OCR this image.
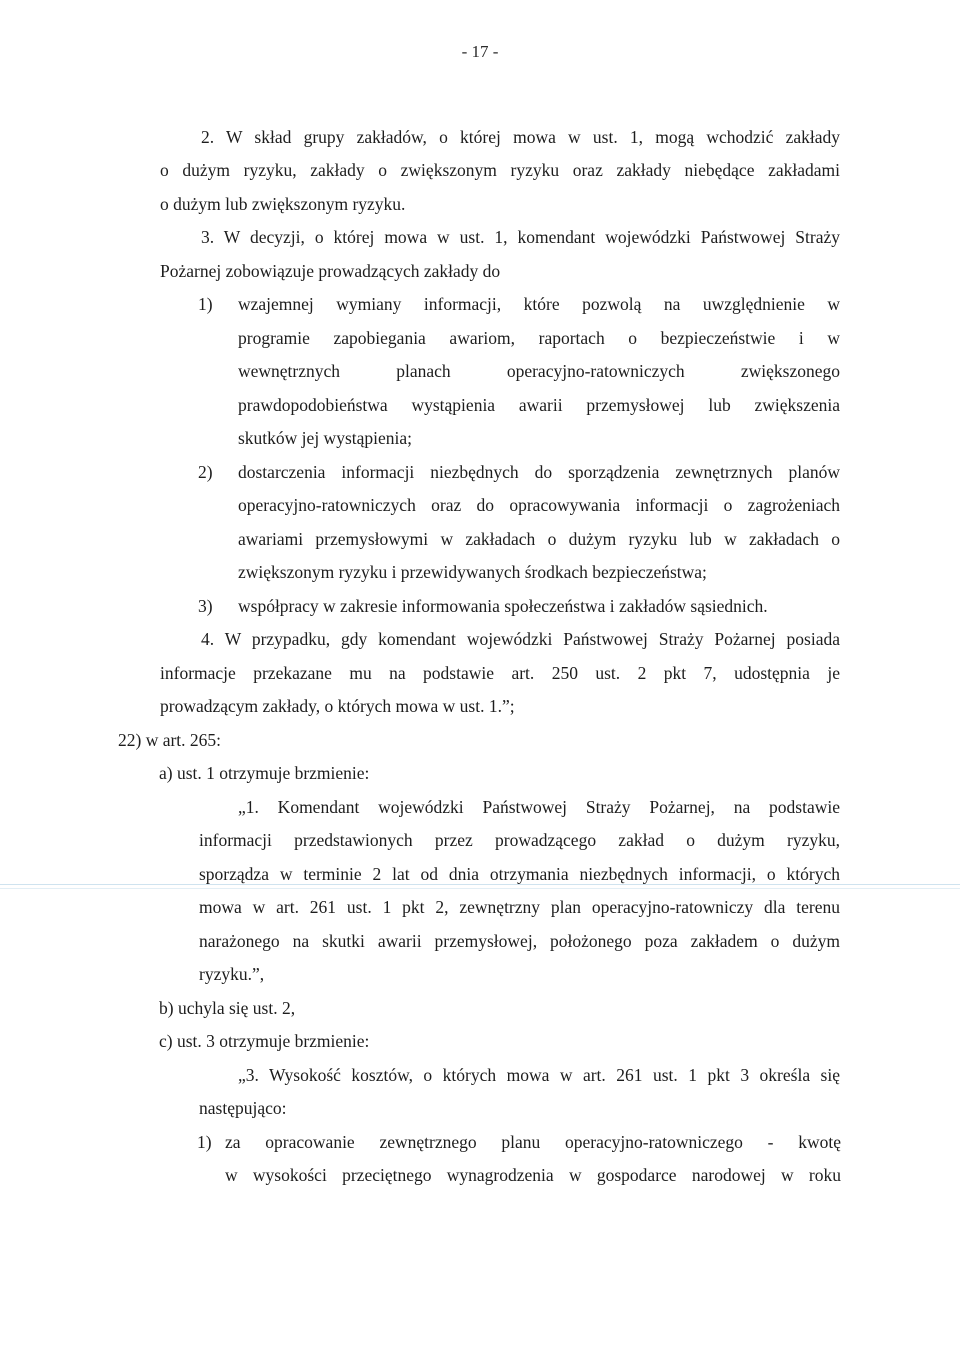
- 17 -
2. W skład grupy zakładów, o której mowa w ust. 1, mogą wchodzić zakłady
o dużym ryzyku, zakłady o zwiększonym ryzyku oraz zakłady niebędące zakładami
o dużym lub zwiększonym ryzyku.
3. W decyzji, o której mowa w ust. 1, komendant wojewódzki Państwowej Straży
Pożarnej zobowiązuje prowadzących zakłady do
1) wzajemnej wymiany informacji, które pozwolą na uwzględnienie w
programie zapobiegania awariom, raportach o bezpieczeństwie i w
wewnętrznych planach operacyjno-ratowniczych zwiększonego
prawdopodobieństwa wystąpienia awarii przemysłowej lub zwiększenia
skutków jej wystąpienia;
2) dostarczenia informacji niezbędnych do sporządzenia zewnętrznych planów
operacyjno-ratowniczych oraz do opracowywania informacji o zagrożeniach
awariami przemysłowymi w zakładach o dużym ryzyku lub w zakładach o
zwiększonym ryzyku i przewidywanych środkach bezpieczeństwa;
3) współpracy w zakresie informowania społeczeństwa i zakładów sąsiednich.
4. W przypadku, gdy komendant wojewódzki Państwowej Straży Pożarnej posiada
informacje przekazane mu na podstawie art. 250 ust. 2 pkt 7, udostępnia je
prowadzącym zakłady, o których mowa w ust. 1.”;
22) w art. 265:
a) ust. 1 otrzymuje brzmienie:
„1. Komendant wojewódzki Państwowej Straży Pożarnej, na podstawie
informacji przedstawionych przez prowadzącego zakład o dużym ryzyku,
sporządza w terminie 2 lat od dnia otrzymania niezbędnych informacji, o których
mowa w art. 261 ust. 1 pkt 2, zewnętrzny plan operacyjno-ratowniczy dla terenu
narażonego na skutki awarii przemysłowej, położonego poza zakładem o dużym
ryzyku.”,
b) uchyla się ust. 2,
c) ust. 3 otrzymuje brzmienie:
„3. Wysokość kosztów, o których mowa w art. 261 ust. 1 pkt 3 określa się
następująco:
1) za opracowanie zewnętrznego planu operacyjno-ratowniczego - kwotę
w wysokości przeciętnego wynagrodzenia w gospodarce narodowej w roku
